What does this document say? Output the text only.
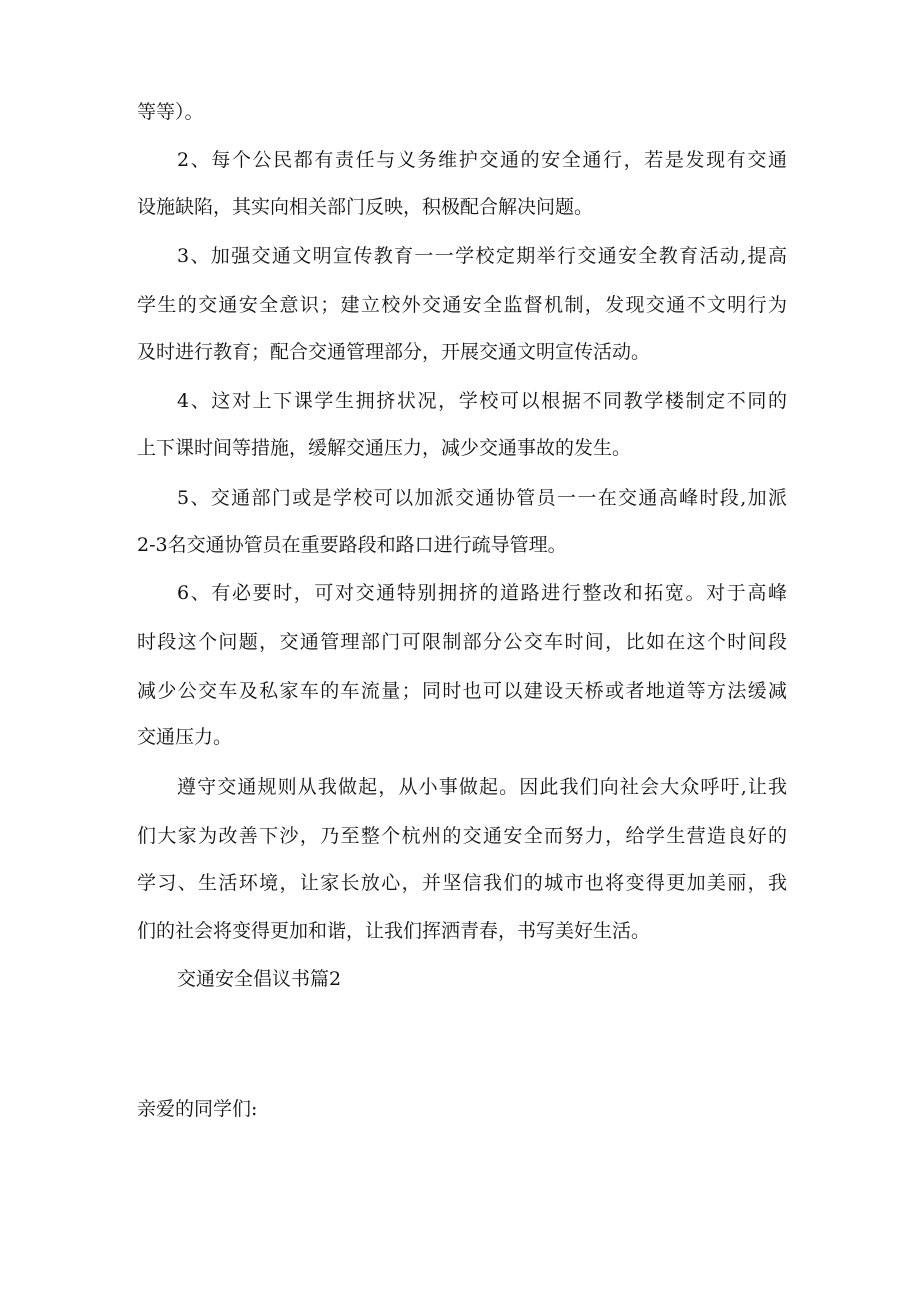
等等）。
2、每个公民都有责任与义务维护交通的安全通行，若是发现有交通
设施缺陷，其实向相关部门反映，积极配合解决问题。
3、加强交通文明宣传教育一一学校定期举行交通安全教育活动,提高
学生的交通安全意识；建立校外交通安全监督机制，发现交通不文明行为
及时进行教育；配合交通管理部分，开展交通文明宣传活动。
4、这对上下课学生拥挤状况，学校可以根据不同教学楼制定不同的
上下课时间等措施，缓解交通压力，减少交通事故的发生。
5、交通部门或是学校可以加派交通协管员一一在交通高峰时段,加派
2-3名交通协管员在重要路段和路口进行疏导管理。
6、有必要时，可对交通特别拥挤的道路进行整改和拓宽。对于高峰
时段这个问题，交通管理部门可限制部分公交车时间，比如在这个时间段
减少公交车及私家车的车流量；同时也可以建设天桥或者地道等方法缓减
交通压力。
遵守交通规则从我做起，从小事做起。因此我们向社会大众呼吁,让我
们大家为改善下沙，乃至整个杭州的交通安全而努力，给学生营造良好的
学习、生活环境，让家长放心，并坚信我们的城市也将变得更加美丽，我
们的社会将变得更加和谐，让我们挥洒青春，书写美好生活。
交通安全倡议书篇2
亲爱的同学们:
